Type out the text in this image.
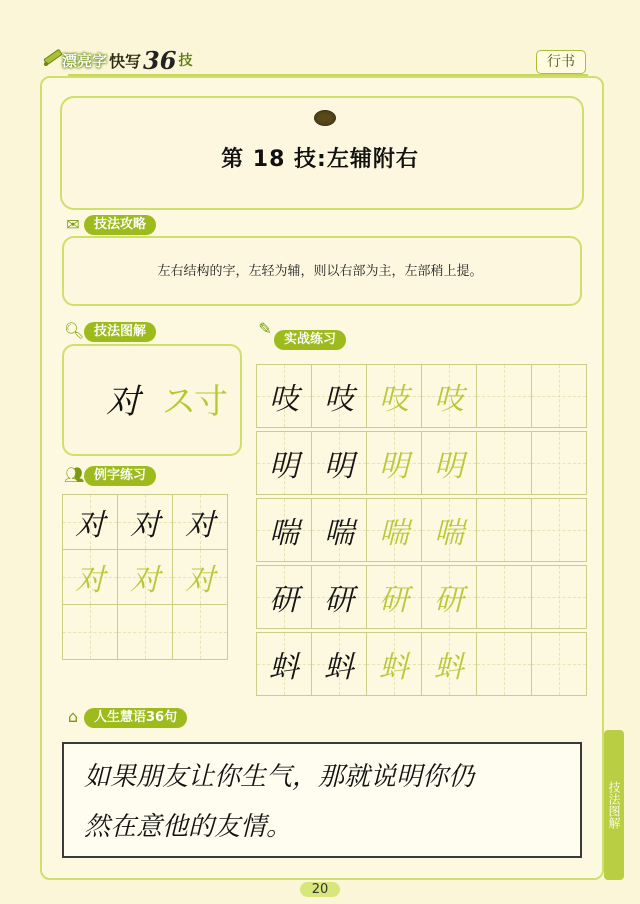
漂亮字 快写 36 技	行书
第 18 技:左辅附右
✉	技法攻略
左右结构的字，左轻为辅，则以右部为主，左部稍上提。
🔍︎ 技法图解
对 ス寸
👥︎ 例字练习
对	对	对
对	对	对

✎
实战练习
吱	吱	吱	吱		

明	明	明	明		

喘	喘	喘	喘		

研	研	研	研		

蚪	蚪	蚪	蚪		
⌂	人生慧语36句
如果朋友让你生气，那就说明你仍
然在意他的友情。	技法图解
20
